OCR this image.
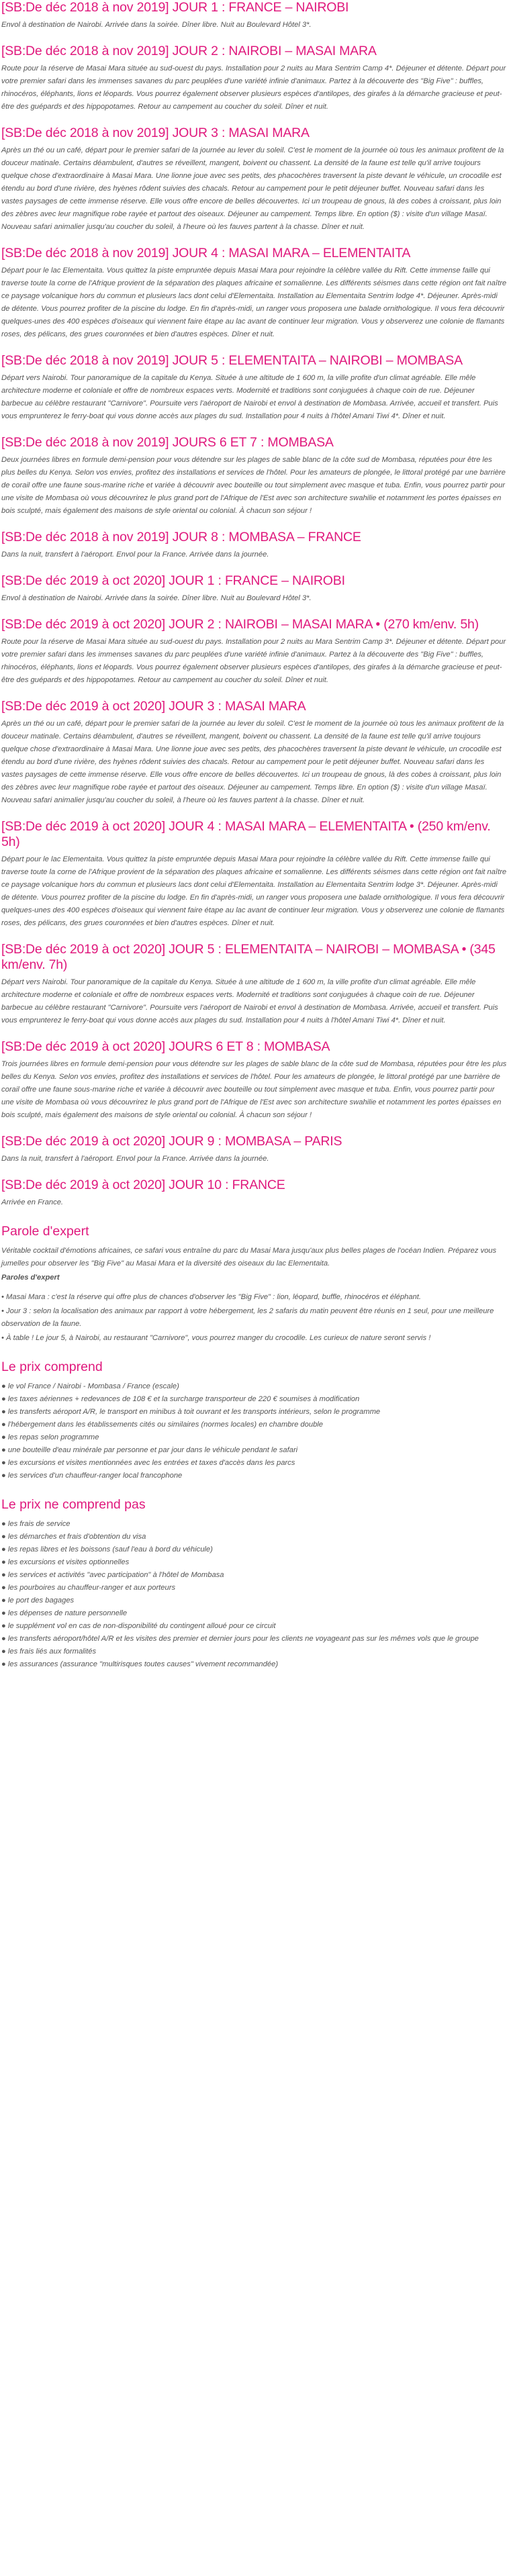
[SB:De déc 2018 à nov 2019] JOUR 1 : FRANCE – NAIROBI

Envol à destination de Nairobi. Arrivée dans la soirée. Dîner libre. Nuit au Boulevard Hôtel 3*.

[SB:De déc 2018 à nov 2019] JOUR 2 : NAIROBI – MASAI MARA

Route pour la réserve de Masai Mara située au sud-ouest du pays. Installation pour 2 nuits au Mara Sentrim Camp 4*. Déjeuner et détente. Départ pour votre premier safari dans les immenses savanes du parc peuplées d'une variété infinie d'animaux. Partez à la découverte des "Big Five" : buffles, rhinocéros, éléphants, lions et léopards. Vous pourrez également observer plusieurs espèces d'antilopes, des girafes à la démarche gracieuse et peut-être des guépards et des hippopotames. Retour au campement au coucher du soleil. Dîner et nuit.

[SB:De déc 2018 à nov 2019] JOUR 3 : MASAI MARA

Après un thé ou un café, départ pour le premier safari de la journée au lever du soleil. C'est le moment de la journée où tous les animaux profitent de la douceur matinale. Certains déambulent, d'autres se réveillent, mangent, boivent ou chassent. La densité de la faune est telle qu'il arrive toujours quelque chose d'extraordinaire à Masai Mara. Une lionne joue avec ses petits, des phacochères traversent la piste devant le véhicule, un crocodile est étendu au bord d'une rivière, des hyènes rôdent suivies des chacals. Retour au campement pour le petit déjeuner buffet. Nouveau safari dans les vastes paysages de cette immense réserve. Elle vous offre encore de belles découvertes. Ici un troupeau de gnous, là des cobes à croissant, plus loin des zèbres avec leur magnifique robe rayée et partout des oiseaux. Déjeuner au campement. Temps libre. En option ($) : visite d'un village Masaï. Nouveau safari animalier jusqu'au coucher du soleil, à l'heure où les fauves partent à la chasse. Dîner et nuit.

[SB:De déc 2018 à nov 2019] JOUR 4 : MASAI MARA – ELEMENTAITA

Départ pour le lac Elementaita. Vous quittez la piste empruntée depuis Masai Mara pour rejoindre la célèbre vallée du Rift. Cette immense faille qui traverse toute la corne de l'Afrique provient de la séparation des plaques africaine et somalienne. Les différents séismes dans cette région ont fait naître ce paysage volcanique hors du commun et plusieurs lacs dont celui d'Elementaita. Installation au Elementaita Sentrim lodge 4*. Déjeuner. Après-midi de détente. Vous pourrez profiter de la piscine du lodge. En fin d'après-midi, un ranger vous proposera une balade ornithologique. Il vous fera découvrir quelques-unes des 400 espèces d'oiseaux qui viennent faire étape au lac avant de continuer leur migration. Vous y observerez une colonie de flamants roses, des pélicans, des grues couronnées et bien d'autres espèces. Dîner et nuit.

[SB:De déc 2018 à nov 2019] JOUR 5 : ELEMENTAITA – NAIROBI – MOMBASA

Départ vers Nairobi. Tour panoramique de la capitale du Kenya. Située à une altitude de 1 600 m, la ville profite d'un climat agréable. Elle mêle architecture moderne et coloniale et offre de nombreux espaces verts. Modernité et traditions sont conjuguées à chaque coin de rue. Déjeuner barbecue au célèbre restaurant "Carnivore". Poursuite vers l'aéroport de Nairobi et envol à destination de Mombasa. Arrivée, accueil et transfert. Puis vous emprunterez le ferry-boat qui vous donne accès aux plages du sud. Installation pour 4 nuits à l'hôtel Amani Tiwi 4*. Dîner et nuit.

[SB:De déc 2018 à nov 2019] JOURS 6 ET 7 : MOMBASA

Deux journées libres en formule demi-pension pour vous détendre sur les plages de sable blanc de la côte sud de Mombasa, réputées pour être les plus belles du Kenya. Selon vos envies, profitez des installations et services de l'hôtel. Pour les amateurs de plongée, le littoral protégé par une barrière de corail offre une faune sous-marine riche et variée à découvrir avec bouteille ou tout simplement avec masque et tuba. Enfin, vous pourrez partir pour une visite de Mombasa où vous découvrirez le plus grand port de l'Afrique de l'Est avec son architecture swahilie et notamment les portes épaisses en bois sculpté, mais également des maisons de style oriental ou colonial. À chacun son séjour !

[SB:De déc 2018 à nov 2019] JOUR 8 : MOMBASA – FRANCE

Dans la nuit, transfert à l'aéroport. Envol pour la France. Arrivée dans la journée.

[SB:De déc 2019 à oct 2020] JOUR 1 : FRANCE – NAIROBI

Envol à destination de Nairobi. Arrivée dans la soirée. Dîner libre. Nuit au Boulevard Hôtel 3*.

[SB:De déc 2019 à oct 2020] JOUR 2 : NAIROBI – MASAI MARA • (270 km/env. 5h)

Route pour la réserve de Masai Mara située au sud-ouest du pays. Installation pour 2 nuits au Mara Sentrim Camp 3*. Déjeuner et détente. Départ pour votre premier safari dans les immenses savanes du parc peuplées d'une variété infinie d'animaux. Partez à la découverte des "Big Five" : buffles, rhinocéros, éléphants, lions et léopards. Vous pourrez également observer plusieurs espèces d'antilopes, des girafes à la démarche gracieuse et peut-être des guépards et des hippopotames. Retour au campement au coucher du soleil. Dîner et nuit.

[SB:De déc 2019 à oct 2020] JOUR 3 : MASAI MARA

Après un thé ou un café, départ pour le premier safari de la journée au lever du soleil. C'est le moment de la journée où tous les animaux profitent de la douceur matinale. Certains déambulent, d'autres se réveillent, mangent, boivent ou chassent. La densité de la faune est telle qu'il arrive toujours quelque chose d'extraordinaire à Masai Mara. Une lionne joue avec ses petits, des phacochères traversent la piste devant le véhicule, un crocodile est étendu au bord d'une rivière, des hyènes rôdent suivies des chacals. Retour au campement pour le petit déjeuner buffet. Nouveau safari dans les vastes paysages de cette immense réserve. Elle vous offre encore de belles découvertes. Ici un troupeau de gnous, là des cobes à croissant, plus loin des zèbres avec leur magnifique robe rayée et partout des oiseaux. Déjeuner au campement. Temps libre. En option ($) : visite d'un village Masaï. Nouveau safari animalier jusqu'au coucher du soleil, à l'heure où les fauves partent à la chasse. Dîner et nuit.

[SB:De déc 2019 à oct 2020] JOUR 4 : MASAI MARA – ELEMENTAITA • (250 km/env. 5h)

Départ pour le lac Elementaita. Vous quittez la piste empruntée depuis Masai Mara pour rejoindre la célèbre vallée du Rift. Cette immense faille qui traverse toute la corne de l'Afrique provient de la séparation des plaques africaine et somalienne. Les différents séismes dans cette région ont fait naître ce paysage volcanique hors du commun et plusieurs lacs dont celui d'Elementaita. Installation au Elementaita Sentrim lodge 3*. Déjeuner. Après-midi de détente. Vous pourrez profiter de la piscine du lodge. En fin d'après-midi, un ranger vous proposera une balade ornithologique. Il vous fera découvrir quelques-unes des 400 espèces d'oiseaux qui viennent faire étape au lac avant de continuer leur migration. Vous y observerez une colonie de flamants roses, des pélicans, des grues couronnées et bien d'autres espèces. Dîner et nuit.

[SB:De déc 2019 à oct 2020] JOUR 5 : ELEMENTAITA – NAIROBI – MOMBASA • (345 km/env. 7h)

Départ vers Nairobi. Tour panoramique de la capitale du Kenya. Située à une altitude de 1 600 m, la ville profite d'un climat agréable. Elle mêle architecture moderne et coloniale et offre de nombreux espaces verts. Modernité et traditions sont conjuguées à chaque coin de rue. Déjeuner barbecue au célèbre restaurant "Carnivore". Poursuite vers l'aéroport de Nairobi et envol à destination de Mombasa. Arrivée, accueil et transfert. Puis vous emprunterez le ferry-boat qui vous donne accès aux plages du sud. Installation pour 4 nuits à l'hôtel Amani Tiwi 4*. Dîner et nuit.

[SB:De déc 2019 à oct 2020] JOURS 6 ET 8 : MOMBASA

Trois journées libres en formule demi-pension pour vous détendre sur les plages de sable blanc de la côte sud de Mombasa, réputées pour être les plus belles du Kenya. Selon vos envies, profitez des installations et services de l'hôtel. Pour les amateurs de plongée, le littoral protégé par une barrière de corail offre une faune sous-marine riche et variée à découvrir avec bouteille ou tout simplement avec masque et tuba. Enfin, vous pourrez partir pour une visite de Mombasa où vous découvrirez le plus grand port de l'Afrique de l'Est avec son architecture swahilie et notamment les portes épaisses en bois sculpté, mais également des maisons de style oriental ou colonial. À chacun son séjour !

[SB:De déc 2019 à oct 2020] JOUR 9 : MOMBASA – PARIS

Dans la nuit, transfert à l'aéroport. Envol pour la France. Arrivée dans la journée.

[SB:De déc 2019 à oct 2020] JOUR 10 : FRANCE

Arrivée en France.

Parole d'expert

Véritable cocktail d'émotions africaines, ce safari vous entraîne du parc du Masai Mara jusqu'aux plus belles plages de l'océan Indien. Préparez vous jumelles pour observer les "Big Five" au Masai Mara et la diversité des oiseaux du lac Elementaita.

Paroles d'expert

• Masai Mara : c'est la réserve qui offre plus de chances d'observer les "Big Five" : lion, léopard, buffle, rhinocéros et éléphant.

• Jour 3 : selon la localisation des animaux par rapport à votre hébergement, les 2 safaris du matin peuvent être réunis en 1 seul, pour une meilleure observation de la faune.

• À table ! Le jour 5, à Nairobi, au restaurant "Carnivore", vous pourrez manger du crocodile. Les curieux de nature seront servis !

Le prix comprend
● le vol France / Nairobi - Mombasa / France (escale)
● les taxes aériennes + redevances de 108 € et la surcharge transporteur de 220 € soumises à modification
● les transferts aéroport A/R, le transport en minibus à toit ouvrant et les transports intérieurs, selon le programme
● l'hébergement dans les établissements cités ou similaires (normes locales) en chambre double
● les repas selon programme
● une bouteille d'eau minérale par personne et par jour dans le véhicule pendant le safari
● les excursions et visites mentionnées avec les entrées et taxes d'accès dans les parcs
● les services d'un chauffeur-ranger local francophone
Le prix ne comprend pas
● les frais de service
● les démarches et frais d'obtention du visa
● les repas libres et les boissons (sauf l'eau à bord du véhicule)
● les excursions et visites optionnelles
● les services et activités "avec participation" à l'hôtel de Mombasa
● les pourboires au chauffeur-ranger et aux porteurs
● le port des bagages
● les dépenses de nature personnelle
● le supplément vol en cas de non-disponibilité du contingent alloué pour ce circuit
● les transferts aéroport/hôtel A/R et les visites des premier et dernier jours pour les clients ne voyageant pas sur les mêmes vols que le groupe
● les frais liés aux formalités
● les assurances (assurance "multirisques toutes causes" vivement recommandée)
